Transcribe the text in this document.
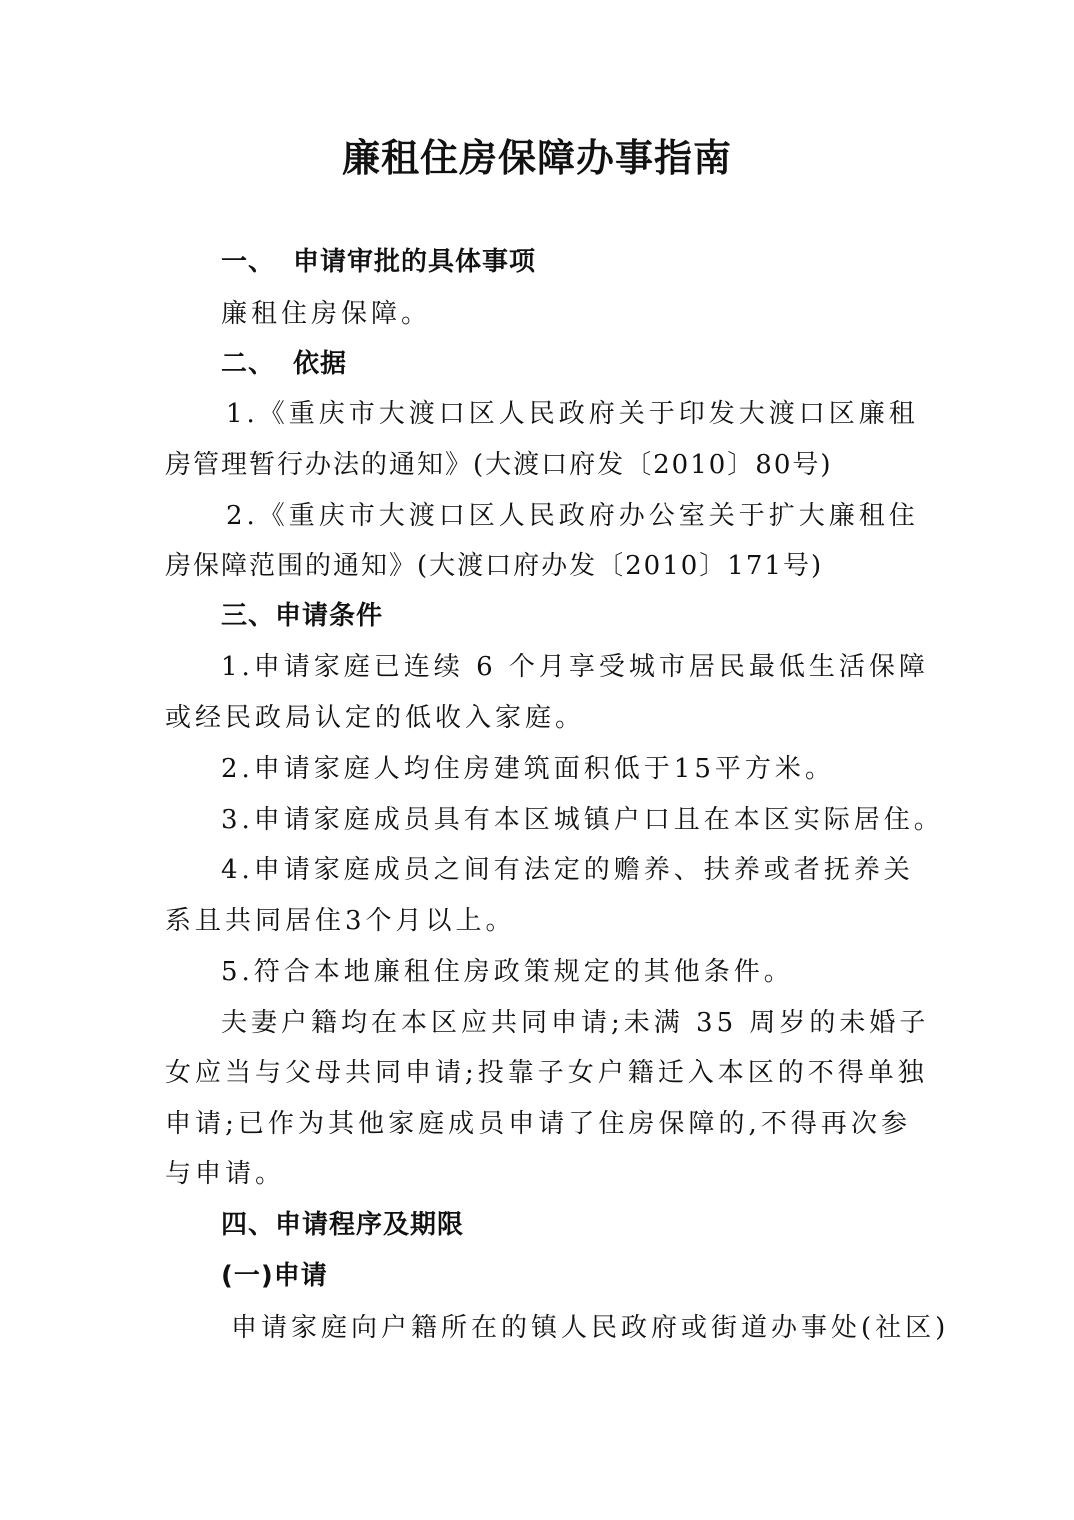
廉租住房保障办事指南
一、 申请审批的具体事项
廉租住房保障。
二、 依据
1.《重庆市大渡口区人民政府关于印发大渡口区廉租
房管理暂行办法的通知》(大渡口府发〔2010〕80号)
2.《重庆市大渡口区人民政府办公室关于扩大廉租住
房保障范围的通知》(大渡口府办发〔2010〕171号)
三、申请条件
1.申请家庭已连续 6 个月享受城市居民最低生活保障
或经民政局认定的低收入家庭。
2.申请家庭人均住房建筑面积低于15平方米。
3.申请家庭成员具有本区城镇户口且在本区实际居住。
4.申请家庭成员之间有法定的赡养、扶养或者抚养关
系且共同居住3个月以上。
5.符合本地廉租住房政策规定的其他条件。
夫妻户籍均在本区应共同申请;未满 35 周岁的未婚子
女应当与父母共同申请;投靠子女户籍迁入本区的不得单独
申请;已作为其他家庭成员申请了住房保障的,不得再次参
与申请。
四、申请程序及期限
(一)申请
申请家庭向户籍所在的镇人民政府或街道办事处(社区)
